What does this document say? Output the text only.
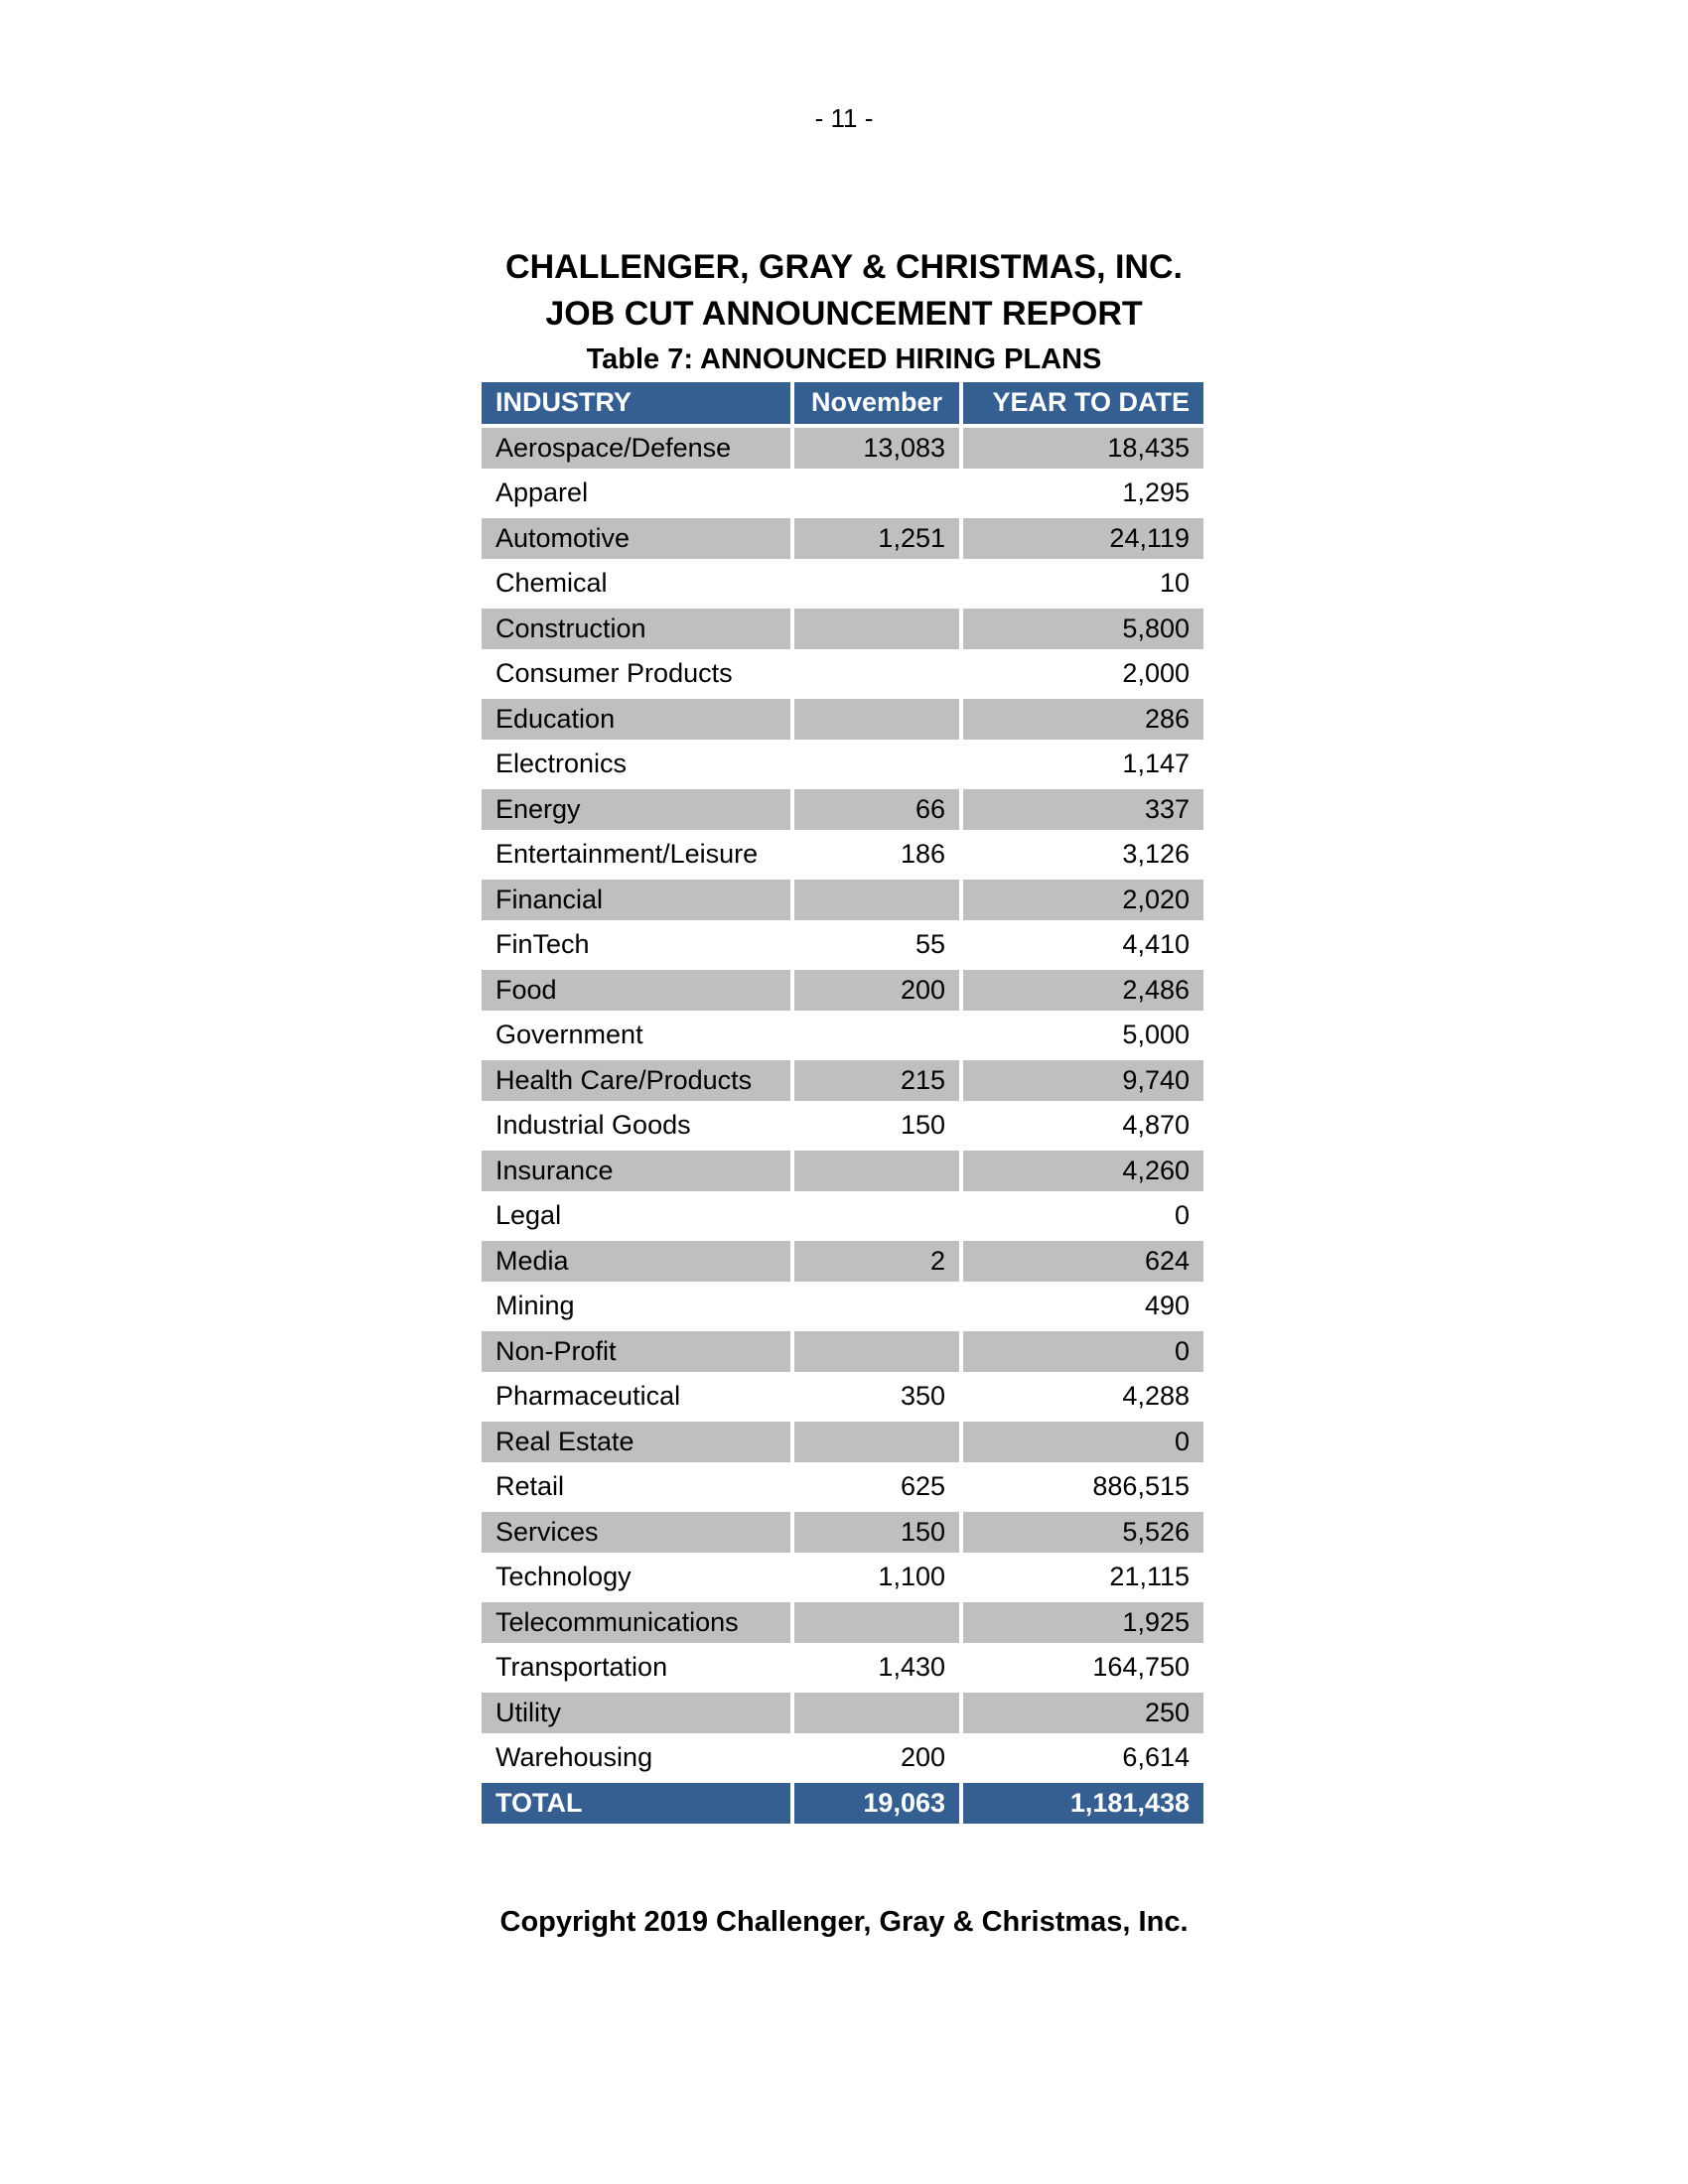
- 11 -
CHALLENGER, GRAY & CHRISTMAS, INC.
JOB CUT ANNOUNCEMENT REPORT
Table 7: ANNOUNCED HIRING PLANS
INDUSTRY	November	YEAR TO DATE
Aerospace/Defense	13,083	18,435
Apparel		1,295
Automotive	1,251	24,119
Chemical		10
Construction		5,800
Consumer Products		2,000
Education		286
Electronics		1,147
Energy	66	337
Entertainment/Leisure	186	3,126
Financial		2,020
FinTech	55	4,410
Food	200	2,486
Government		5,000
Health Care/Products	215	9,740
Industrial Goods	150	4,870
Insurance		4,260
Legal		0
Media	2	624
Mining		490
Non-Profit		0
Pharmaceutical	350	4,288
Real Estate		0
Retail	625	886,515
Services	150	5,526
Technology	1,100	21,115
Telecommunications		1,925
Transportation	1,430	164,750
Utility		250
Warehousing	200	6,614
TOTAL	19,063	1,181,438
Copyright 2019 Challenger, Gray & Christmas, Inc.
